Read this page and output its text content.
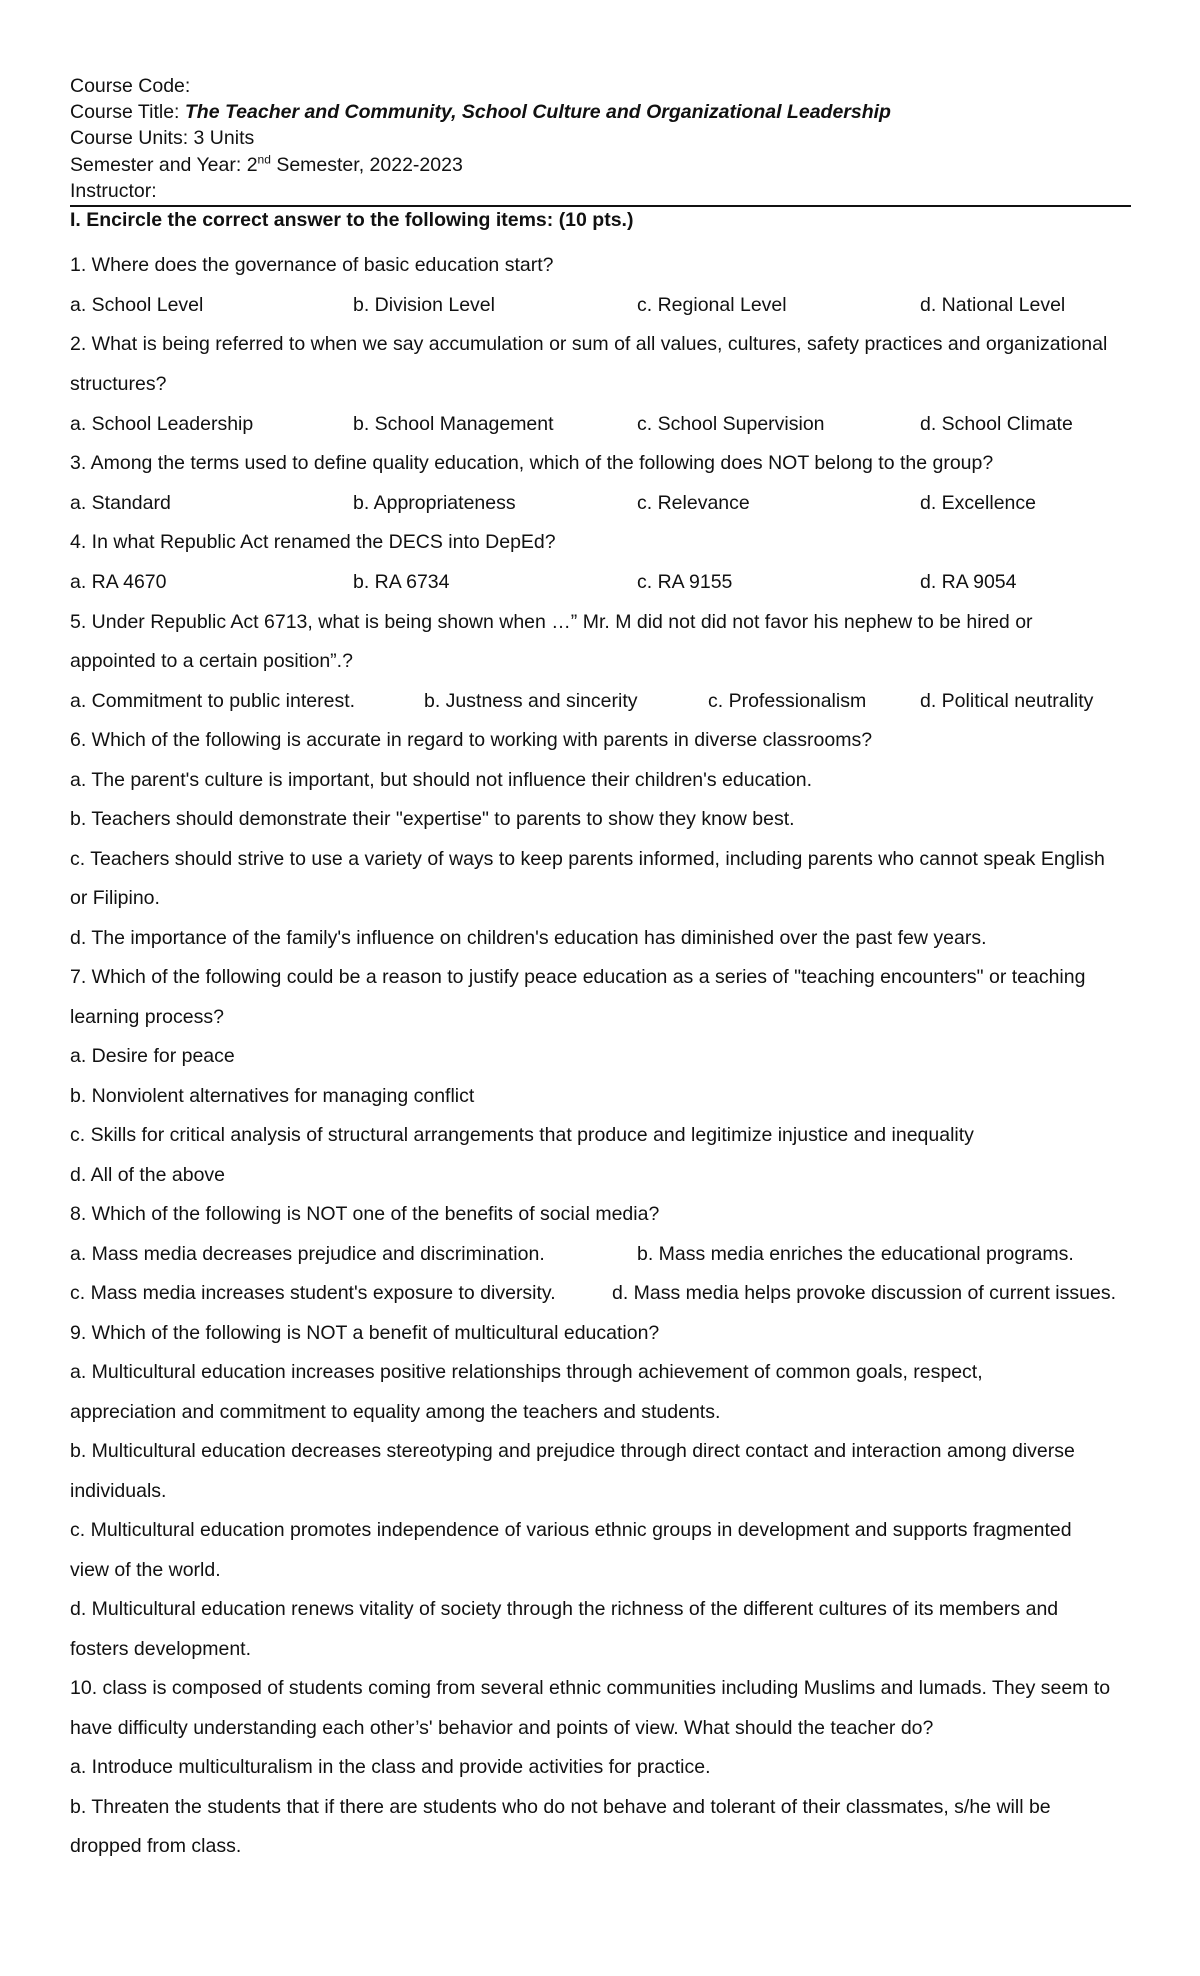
Course Code:
Course Title: The Teacher and Community, School Culture and Organizational Leadership
Course Units: 3 Units
Semester and Year: 2nd Semester, 2022-2023
Instructor:
I. Encircle the correct answer to the following items: (10 pts.)
1. Where does the governance of basic education start?
a. School Level	b. Division Level	c. Regional Level	d. National Level
2. What is being referred to when we say accumulation or sum of all values, cultures, safety practices and organizational
structures?
a. School Leadership	b. School Management	c. School Supervision	d. School Climate
3. Among the terms used to define quality education, which of the following does NOT belong to the group?
a. Standard	b. Appropriateness	c. Relevance	d. Excellence
4. In what Republic Act renamed the DECS into DepEd?
a. RA 4670	b. RA 6734	c. RA 9155	d. RA 9054
5. Under Republic Act 6713, what is being shown when …” Mr. M did not did not favor his nephew to be hired or
appointed to a certain position”.?
a. Commitment to public interest.	b. Justness and sincerity	c. Professionalism	d. Political neutrality
6. Which of the following is accurate in regard to working with parents in diverse classrooms?
a. The parent's culture is important, but should not influence their children's education.
b. Teachers should demonstrate their "expertise" to parents to show they know best.
c. Teachers should strive to use a variety of ways to keep parents informed, including parents who cannot speak English
or Filipino.
d. The importance of the family's influence on children's education has diminished over the past few years.
7. Which of the following could be a reason to justify peace education as a series of "teaching encounters" or teaching
learning process?
a. Desire for peace
b. Nonviolent alternatives for managing conflict
c. Skills for critical analysis of structural arrangements that produce and legitimize injustice and inequality
d. All of the above
8. Which of the following is NOT one of the benefits of social media?
a. Mass media decreases prejudice and discrimination.	b. Mass media enriches the educational programs.
c. Mass media increases student's exposure to diversity.	d. Mass media helps provoke discussion of current issues.
9. Which of the following is NOT a benefit of multicultural education?
a. Multicultural education increases positive relationships through achievement of common goals, respect,
appreciation and commitment to equality among the teachers and students.
b. Multicultural education decreases stereotyping and prejudice through direct contact and interaction among diverse
individuals.
c. Multicultural education promotes independence of various ethnic groups in development and supports fragmented
view of the world.
d. Multicultural education renews vitality of society through the richness of the different cultures of its members and
fosters development.
10. class is composed of students coming from several ethnic communities including Muslims and lumads. They seem to
have difficulty understanding each other’s' behavior and points of view. What should the teacher do?
a. Introduce multiculturalism in the class and provide activities for practice.
b. Threaten the students that if there are students who do not behave and tolerant of their classmates, s/he will be
dropped from class.
